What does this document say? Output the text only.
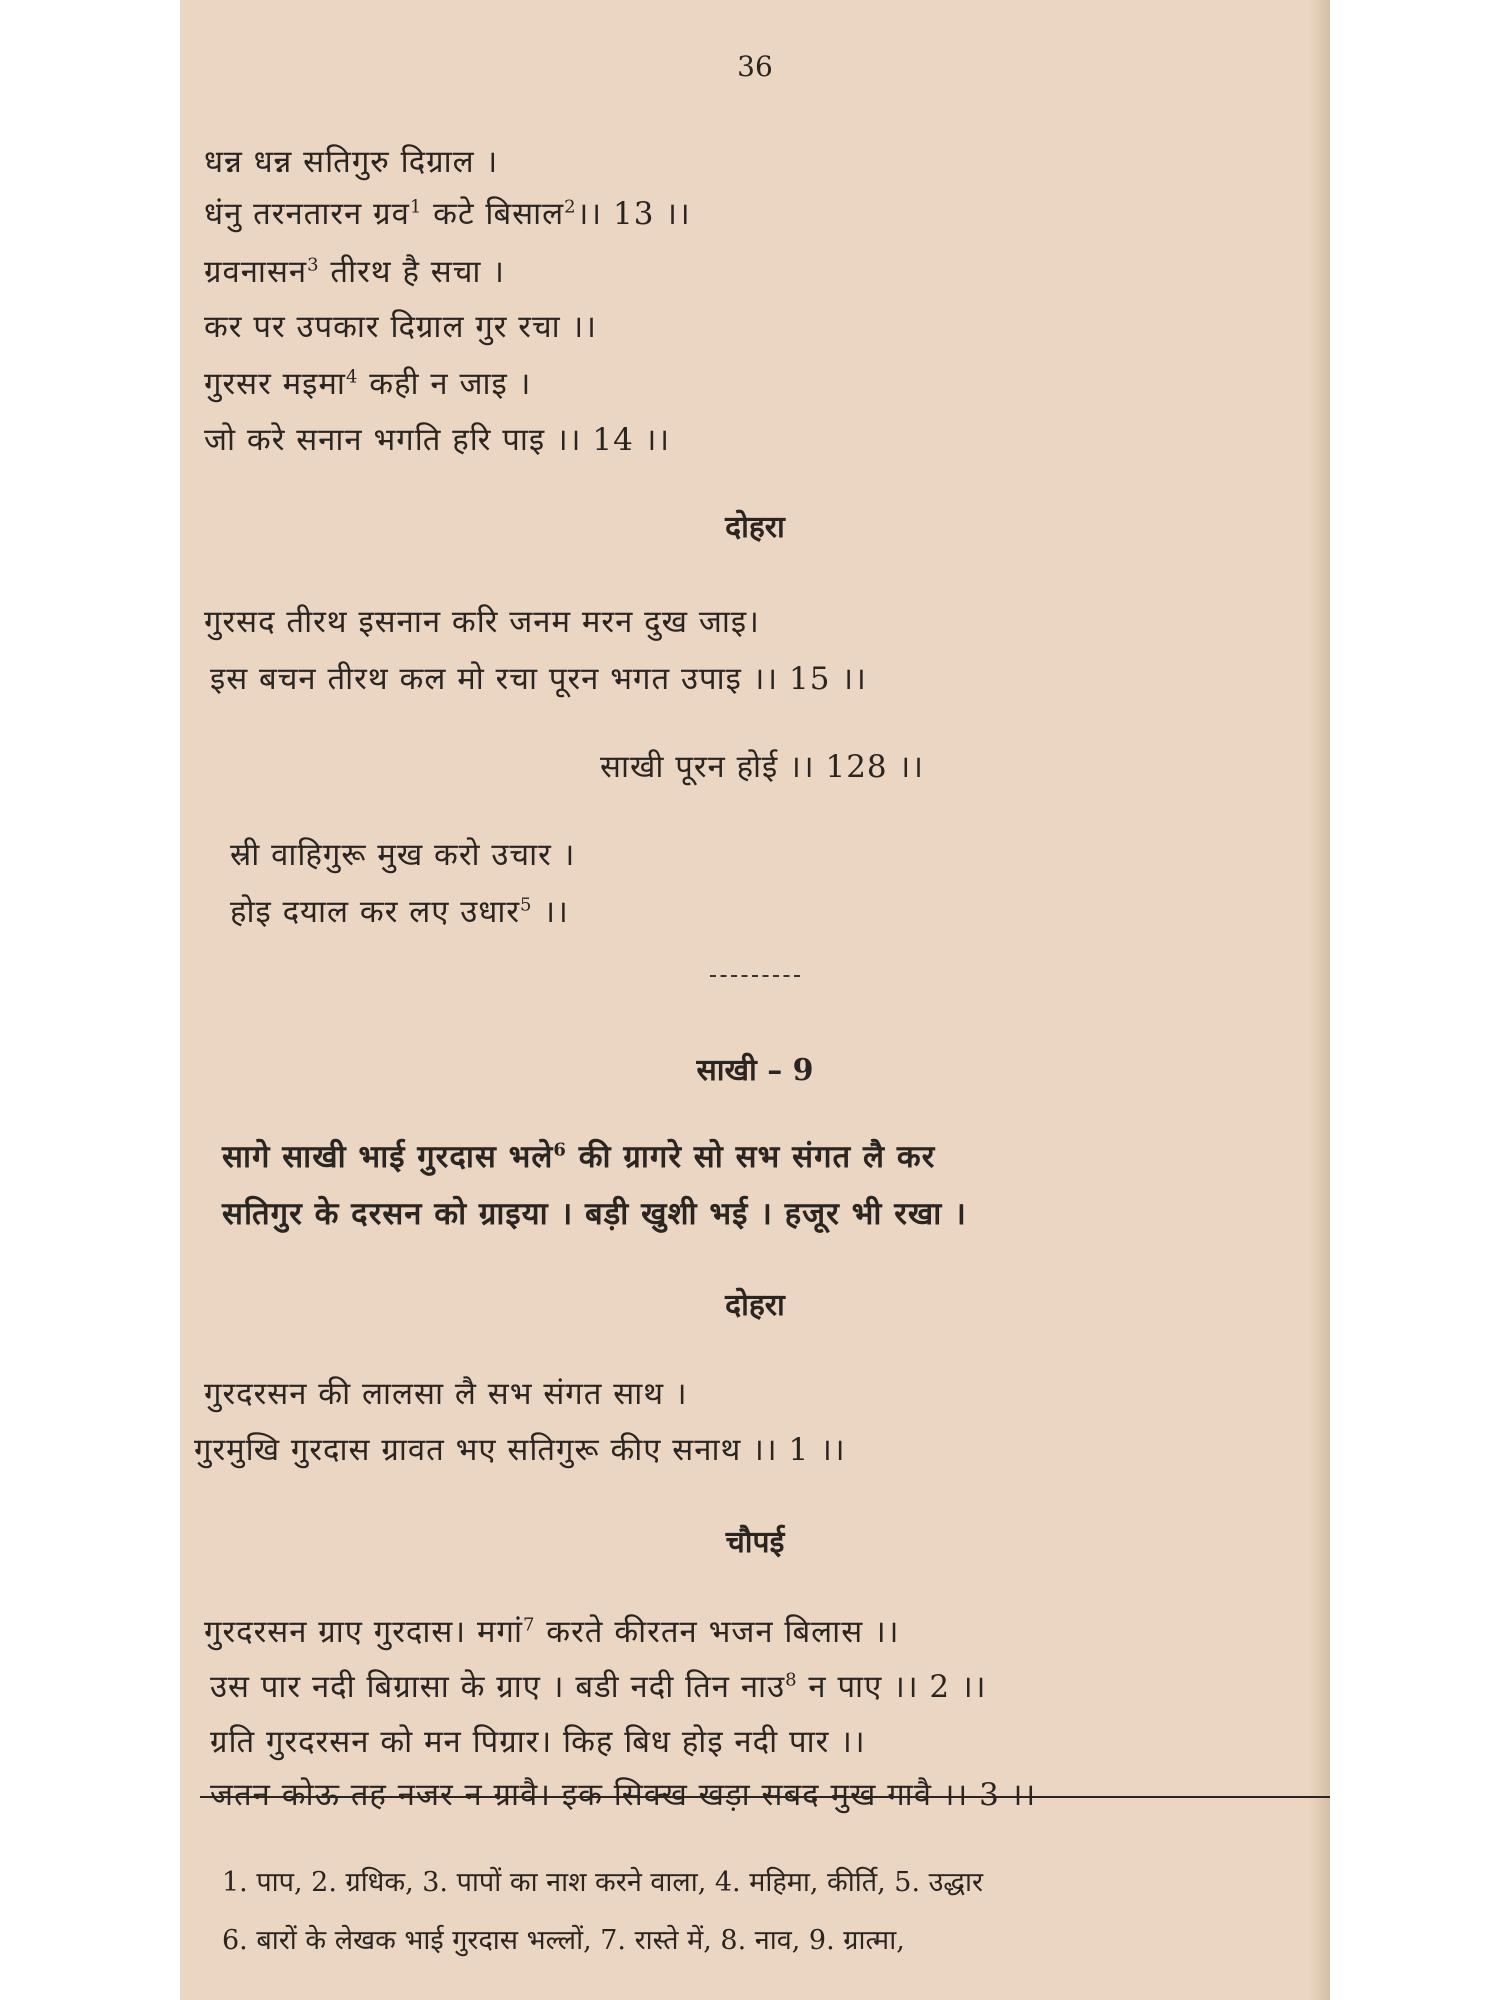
36
धन्न धन्न सतिगुरु दिग्राल ।
धंनु तरनतारन ग्रव$^1$ कटे बिसाल$^2$।। 13 ।।
ग्रवनासन$^3$ तीरथ है सचा ।
कर पर उपकार दिग्राल गुर रचा ।।
गुरसर मइमा$^4$ कही न जाइ ।
जो करे सनान भगति हरि पाइ ।। 14 ।।
दोहरा
गुरसद तीरथ इसनान करि जनम मरन दुख जाइ।
इस बचन तीरथ कल मो रचा पूरन भगत उपाइ ।। 15 ।।
साखी पूरन होई ।। 128 ।।
स्री वाहिगुरू मुख करो उचार ।
होइ दयाल कर लए उधार$^5$ ।।
साखी – 9
सागे साखी भाई गुरदास भले$^6$ की ग्रागरे सो सभ संगत लै कर
सतिगुर के दरसन को ग्राइया । बड़ी खुशी भई । हजूर भी रखा ।
दोहरा
गुरदरसन की लालसा लै सभ संगत साथ ।
गुरमुखि गुरदास ग्रावत भए सतिगुरू कीए सनाथ ।। 1 ।।
चौपई
गुरदरसन ग्राए गुरदास। मगां$^7$ करते कीरतन भजन बिलास ।।
उस पार नदी बिग्रासा के ग्राए । बडी नदी तिन नाउ$^8$ न पाए ।। 2 ।।
ग्रति गुरदरसन को मन पिग्रार। किह बिध होइ नदी पार ।।
जतन कोऊ तह नजर न ग्रावै। इक सिक्ख खड़ा सबद मुख गावै ।। 3 ।।
1. पाप, 2. ग्रधिक, 3. पापों का नाश करने वाला, 4. महिमा, कीर्ति, 5. उद्धार
6. बारों के लेखक भाई गुरदास भल्लों, 7. रास्ते में, 8. नाव, 9. ग्रात्मा,
